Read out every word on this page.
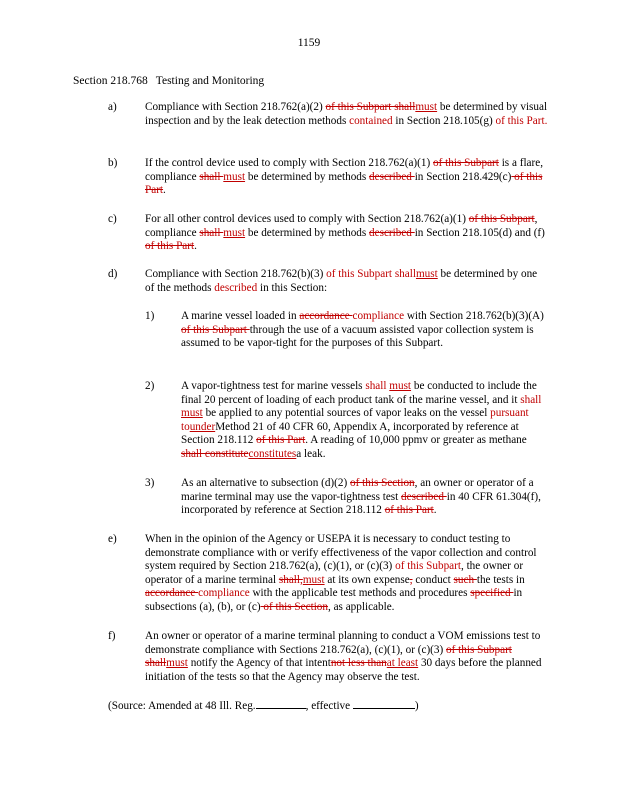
1159
Section 218.768 Testing and Monitoring
a)	Compliance with Section 218.762(a)(2) of this Subpart shallmust be determined by visual inspection and by the leak detection methods contained in Section 218.105(g) of this Part.
b) If the control device used to comply with Section 218.762(a)(1) of this Subpart is a flare, compliance shall must be determined by methods described in Section 218.429(c) of this Part.
c)	For all other control devices used to comply with Section 218.762(a)(1) of this Subpart, compliance shall must be determined by methods described in Section 218.105(d) and (f) of this Part.
d) Compliance with Section 218.762(b)(3) of this Subpart shallmust be determined by one of the methods described in this Section:
1) A marine vessel loaded in accordance compliance with Section 218.762(b)(3)(A) of this Subpart through the use of a vacuum assisted vapor collection system is assumed to be vapor-tight for the purposes of this Subpart.
2) A vapor-tightness test for marine vessels shall must be conducted to include the final 20 percent of loading of each product tank of the marine vessel, and it shall must be applied to any potential sources of vapor leaks on the vessel pursuant tounderMethod 21 of 40 CFR 60, Appendix A, incorporated by reference at Section 218.112 of this Part. A reading of 10,000 ppmv or greater as methane shall constituteconstitutesa leak.
3) As an alternative to subsection (d)(2) of this Section, an owner or operator of a marine terminal may use the vapor-tightness test described in 40 CFR 61.304(f), incorporated by reference at Section 218.112 of this Part.
e)	When in the opinion of the Agency or USEPA it is necessary to conduct testing to demonstrate compliance with or verify effectiveness of the vapor collection and control system required by Section 218.762(a), (c)(1), or (c)(3) of this Subpart, the owner or operator of a marine terminal shall,must at its own expense, conduct such the tests in accordance compliance with the applicable test methods and procedures specified in subsections (a), (b), or (c) of this Section, as applicable.
f)	An owner or operator of a marine terminal planning to conduct a VOM emissions test to demonstrate compliance with Sections 218.762(a), (c)(1), or (c)(3) of this Subpart shallmust notify the Agency of that intentnot less thanat least 30 days before the planned initiation of the tests so that the Agency may observe the test.
(Source: Amended at 48 Ill. Reg.	, effective	)
